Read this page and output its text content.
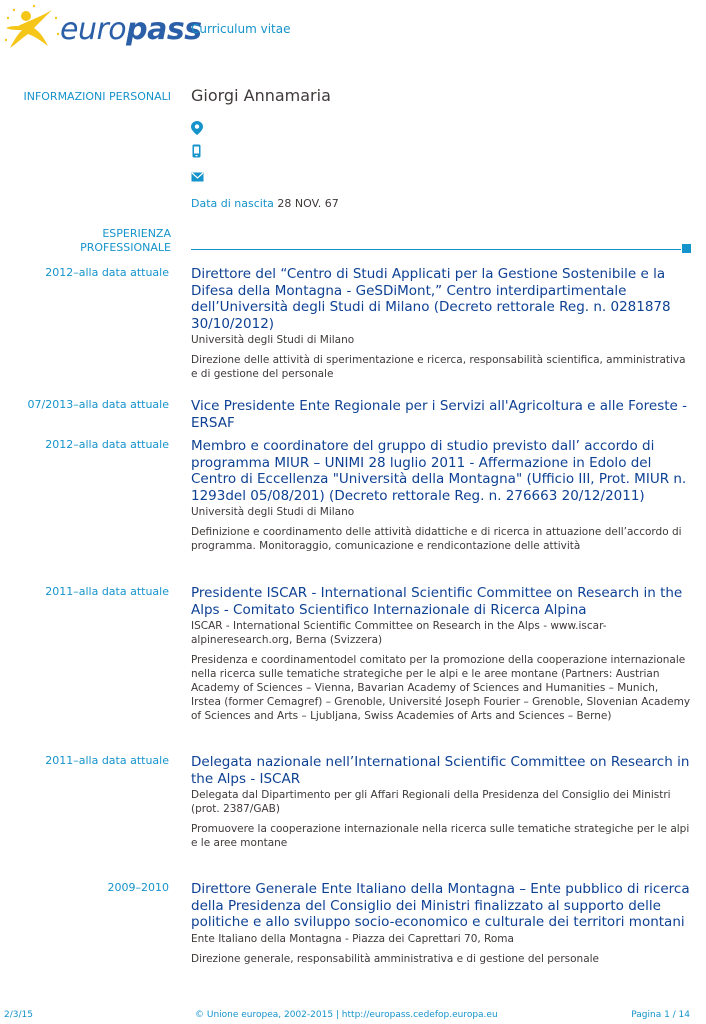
europass
Curriculum vitae
INFORMAZIONI PERSONALI Giorgi Annamaria
Data di nascita 28 NOV. 67
ESPERIENZA PROFESSIONALE
2012–alla data attuale Direttore del “Centro di Studi Applicati per la Gestione Sostenibile e la Difesa della Montagna - GeSDiMont,” Centro interdipartimentale dell’Università degli Studi di Milano (Decreto rettorale Reg. n. 0281878 30/10/2012)
Università degli Studi di Milano
Direzione delle attività di sperimentazione e ricerca, responsabilità scientifica, amministrativa e di gestione del personale
07/2013–alla data attuale Vice Presidente Ente Regionale per i Servizi all'Agricoltura e alle Foreste - ERSAF
2012–alla data attuale Membro e coordinatore del gruppo di studio previsto dall’ accordo di programma MIUR – UNIMI 28 luglio 2011 - Affermazione in Edolo del Centro di Eccellenza "Università della Montagna" (Ufficio III, Prot. MIUR n. 1293del 05/08/201) (Decreto rettorale Reg. n. 276663 20/12/2011)
Università degli Studi di Milano
Definizione e coordinamento delle attività didattiche e di ricerca in attuazione dell’accordo di programma. Monitoraggio, comunicazione e rendicontazione delle attività
2011–alla data attuale Presidente ISCAR - International Scientific Committee on Research in the Alps - Comitato Scientifico Internazionale di Ricerca Alpina
ISCAR - International Scientific Committee on Research in the Alps - www.iscar-alpineresearch.org, Berna (Svizzera)
Presidenza e coordinamentodel comitato per la promozione della cooperazione internazionale nella ricerca sulle tematiche strategiche per le alpi e le aree montane (Partners: Austrian Academy of Sciences – Vienna, Bavarian Academy of Sciences and Humanities – Munich, Irstea (former Cemagref) – Grenoble, Université Joseph Fourier – Grenoble, Slovenian Academy of Sciences and Arts – Ljubljana, Swiss Academies of Arts and Sciences – Berne)
2011–alla data attuale Delegata nazionale nell’International Scientific Committee on Research in the Alps - ISCAR
Delegata dal Dipartimento per gli Affari Regionali della Presidenza del Consiglio dei Ministri (prot. 2387/GAB)
Promuovere la cooperazione internazionale nella ricerca sulle tematiche strategiche per le alpi e le aree montane
2009–2010 Direttore Generale Ente Italiano della Montagna – Ente pubblico di ricerca della Presidenza del Consiglio dei Ministri finalizzato al supporto delle politiche e allo sviluppo socio-economico e culturale dei territori montani
Ente Italiano della Montagna - Piazza dei Caprettari 70, Roma
Direzione generale, responsabilità amministrativa e di gestione del personale
2/3/15	© Unione europea, 2002-2015 | http://europass.cedefop.europa.eu	Pagina 1 / 14
